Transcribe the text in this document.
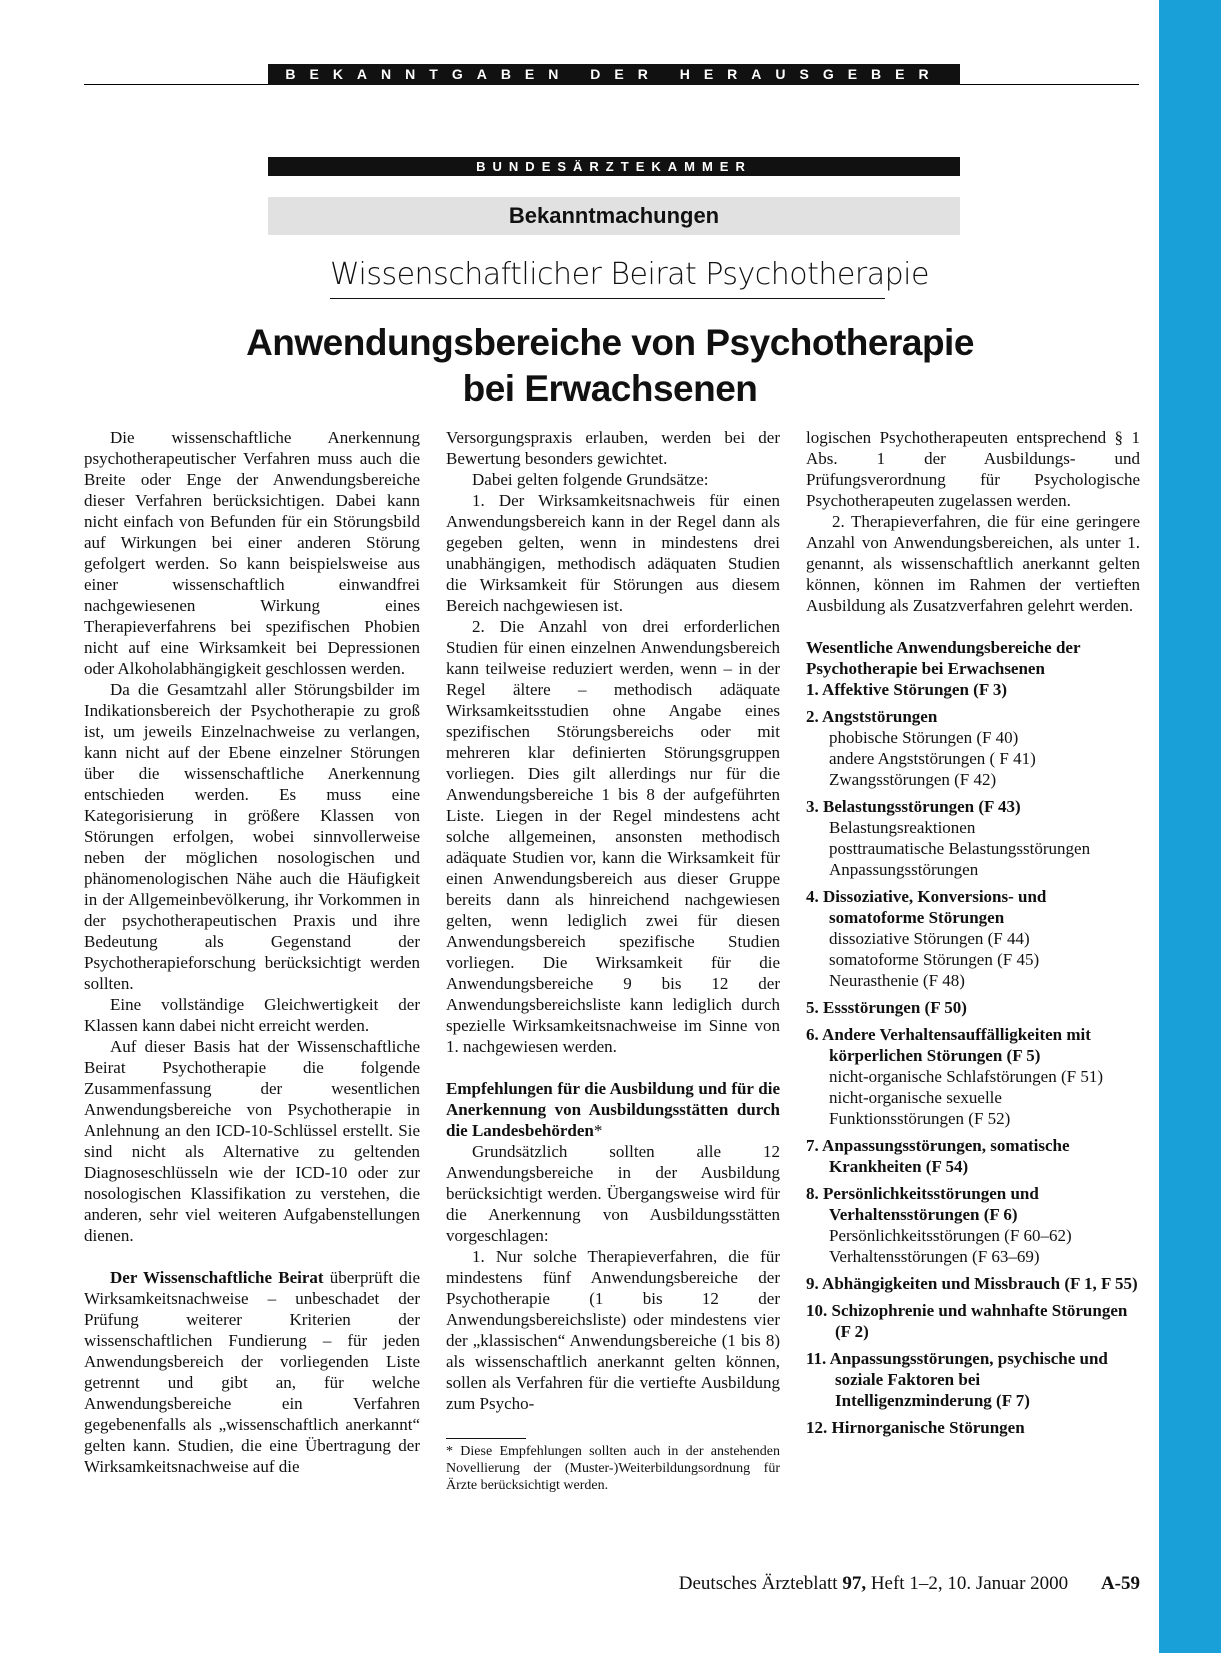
BEKANNTGABEN DER HERAUSGEBER
BUNDESÄRZTEKAMMER
Bekanntmachungen
Wissenschaftlicher Beirat Psychotherapie
Anwendungsbereiche von Psychotherapie
bei Erwachsenen

Die wissenschaftliche Anerkennung psychotherapeutischer Verfahren muss auch die Breite oder Enge der Anwendungsbereiche dieser Verfahren berücksichtigen. Dabei kann nicht einfach von Befunden für ein Störungsbild auf Wirkungen bei einer anderen Störung gefolgert werden. So kann beispielsweise aus einer wissenschaftlich einwandfrei nachgewiesenen Wirkung eines Therapieverfahrens bei spezifischen Phobien nicht auf eine Wirksamkeit bei Depressionen oder Alkoholabhängigkeit geschlossen werden.

Da die Gesamtzahl aller Störungsbilder im Indikationsbereich der Psychotherapie zu groß ist, um jeweils Einzelnachweise zu verlangen, kann nicht auf der Ebene einzelner Störungen über die wissenschaftliche Anerkennung entschieden werden. Es muss eine Kategorisierung in größere Klassen von Störungen erfolgen, wobei sinnvollerweise neben der möglichen nosologischen und phänomenologischen Nähe auch die Häufigkeit in der Allgemeinbevölkerung, ihr Vorkommen in der psychotherapeutischen Praxis und ihre Bedeutung als Gegenstand der Psychotherapieforschung berücksichtigt werden sollten.

Eine vollständige Gleichwertigkeit der Klassen kann dabei nicht erreicht werden.

Auf dieser Basis hat der Wissenschaftliche Beirat Psychotherapie die folgende Zusammenfassung der wesentlichen Anwendungsbereiche von Psychotherapie in Anlehnung an den ICD-10-Schlüssel erstellt. Sie sind nicht als Alternative zu geltenden Diagnoseschlüsseln wie der ICD-10 oder zur nosologischen Klassifikation zu verstehen, die anderen, sehr viel weiteren Aufgabenstellungen dienen.

Der Wissenschaftliche Beirat überprüft die Wirksamkeitsnachweise – unbeschadet der Prüfung weiterer Kriterien der wissenschaftlichen Fundierung – für jeden Anwendungsbereich der vorliegenden Liste getrennt und gibt an, für welche Anwendungsbereiche ein Verfahren gegebenenfalls als „wissenschaftlich anerkannt“ gelten kann. Studien, die eine Übertragung der Wirksamkeitsnachweise auf die

Versorgungspraxis erlauben, werden bei der Bewertung besonders gewichtet.

Dabei gelten folgende Grundsätze:

1. Der Wirksamkeitsnachweis für einen Anwendungsbereich kann in der Regel dann als gegeben gelten, wenn in mindestens drei unabhängigen, methodisch adäquaten Studien die Wirksamkeit für Störungen aus diesem Bereich nachgewiesen ist.

2. Die Anzahl von drei erforderlichen Studien für einen einzelnen Anwendungsbereich kann teilweise reduziert werden, wenn – in der Regel ältere – methodisch adäquate Wirksamkeitsstudien ohne Angabe eines spezifischen Störungsbereichs oder mit mehreren klar definierten Störungsgruppen vorliegen. Dies gilt allerdings nur für die Anwendungsbereiche 1 bis 8 der aufgeführten Liste. Liegen in der Regel mindestens acht solche allgemeinen, ansonsten methodisch adäquate Studien vor, kann die Wirksamkeit für einen Anwendungsbereich aus dieser Gruppe bereits dann als hinreichend nachgewiesen gelten, wenn lediglich zwei für diesen Anwendungsbereich spezifische Studien vorliegen. Die Wirksamkeit für die Anwendungsbereiche 9 bis 12 der Anwendungsbereichsliste kann lediglich durch spezielle Wirksamkeitsnachweise im Sinne von 1. nachgewiesen werden.

Empfehlungen für die Ausbildung und für die Anerkennung von Ausbildungsstätten durch die Landesbehörden*

Grundsätzlich sollten alle 12 Anwendungsbereiche in der Ausbildung berücksichtigt werden. Übergangsweise wird für die Anerkennung von Ausbildungsstätten vorgeschlagen:

1. Nur solche Therapieverfahren, die für mindestens fünf Anwendungsbereiche der Psychotherapie (1 bis 12 der Anwendungsbereichsliste) oder mindestens vier der „klassischen“ Anwendungsbereiche (1 bis 8) als wissenschaftlich anerkannt gelten können, sollen als Verfahren für die vertiefte Ausbildung zum Psycho-

* Diese Empfehlungen sollten auch in der anstehenden Novellierung der (Muster-)Weiterbildungsordnung für Ärzte berücksichtigt werden.

logischen Psychotherapeuten entsprechend § 1 Abs. 1 der Ausbildungs- und Prüfungsverordnung für Psychologische Psychotherapeuten zugelassen werden.

2. Therapieverfahren, die für eine geringere Anzahl von Anwendungsbereichen, als unter 1. genannt, als wissenschaftlich anerkannt gelten können, können im Rahmen der vertieften Ausbildung als Zusatzverfahren gelehrt werden.

Wesentliche Anwendungsbereiche der Psychotherapie bei Erwachsenen
1. Affektive Störungen (F 3)
2. Angststörungen
phobische Störungen (F 40)
andere Angststörungen ( F 41)
Zwangsstörungen (F 42)
3. Belastungsstörungen (F 43)
Belastungsreaktionen
posttraumatische Belastungsstörungen
Anpassungsstörungen
4. Dissoziative, Konversions- und somatoforme Störungen
dissoziative Störungen (F 44)
somatoforme Störungen (F 45)
Neurasthenie (F 48)
5. Essstörungen (F 50)
6. Andere Verhaltensauffälligkeiten mit körperlichen Störungen (F 5)
nicht-organische Schlafstörungen (F 51)
nicht-organische sexuelle Funktionsstörungen (F 52)
7. Anpassungsstörungen, somatische Krankheiten (F 54)
8. Persönlichkeitsstörungen und Verhaltensstörungen (F 6)
Persönlichkeitsstörungen (F 60–62)
Verhaltensstörungen (F 63–69)
9. Abhängigkeiten und Missbrauch (F 1, F 55)
10. Schizophrenie und wahnhafte Störungen (F 2)
11. Anpassungsstörungen, psychische und soziale Faktoren bei Intelligenzminderung (F 7)
12. Hirnorganische Störungen
Deutsches Ärzteblatt 97, Heft 1–2, 10. Januar 2000 A-59
